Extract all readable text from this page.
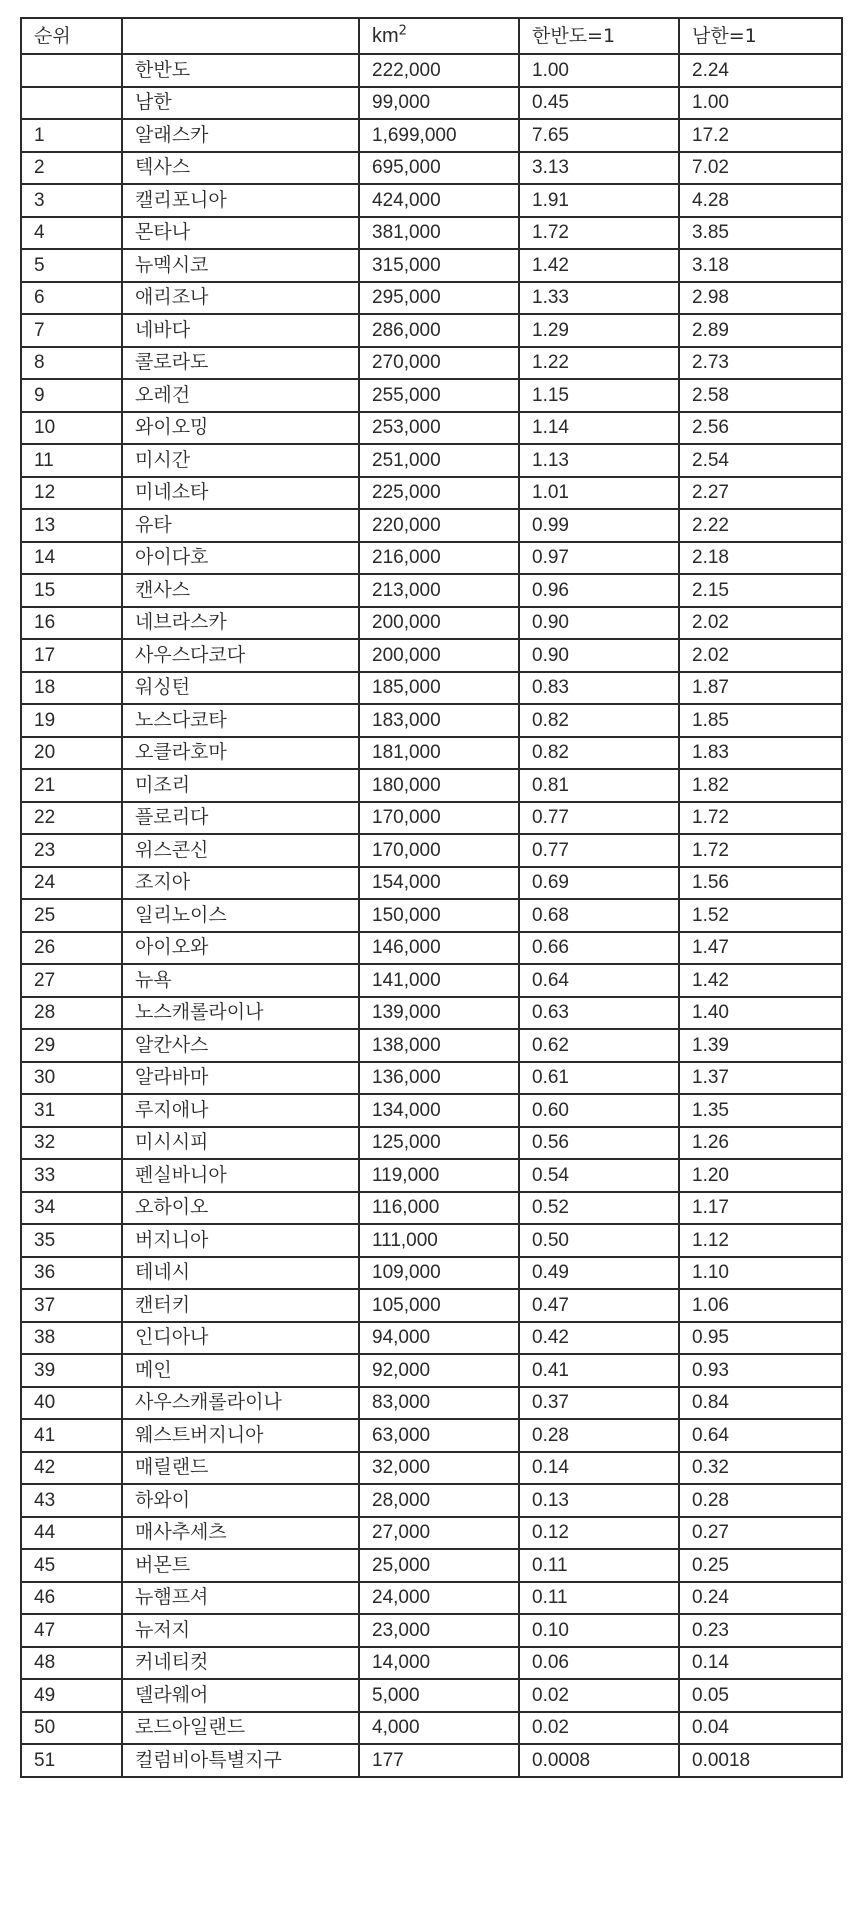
순위		$km^2$	한반도=1	남한=1
	한반도	222,000	1.00	2.24
	남한	99,000	0.45	1.00
1	알래스카	1,699,000	7.65	17.2
2	텍사스	695,000	3.13	7.02
3	캘리포니아	424,000	1.91	4.28
4	몬타나	381,000	1.72	3.85
5	뉴멕시코	315,000	1.42	3.18
6	애리조나	295,000	1.33	2.98
7	네바다	286,000	1.29	2.89
8	콜로라도	270,000	1.22	2.73
9	오레건	255,000	1.15	2.58
10	와이오밍	253,000	1.14	2.56
11	미시간	251,000	1.13	2.54
12	미네소타	225,000	1.01	2.27
13	유타	220,000	0.99	2.22
14	아이다호	216,000	0.97	2.18
15	캔사스	213,000	0.96	2.15
16	네브라스카	200,000	0.90	2.02
17	사우스다코다	200,000	0.90	2.02
18	워싱턴	185,000	0.83	1.87
19	노스다코타	183,000	0.82	1.85
20	오클라호마	181,000	0.82	1.83
21	미조리	180,000	0.81	1.82
22	플로리다	170,000	0.77	1.72
23	위스콘신	170,000	0.77	1.72
24	조지아	154,000	0.69	1.56
25	일리노이스	150,000	0.68	1.52
26	아이오와	146,000	0.66	1.47
27	뉴욕	141,000	0.64	1.42
28	노스캐롤라이나	139,000	0.63	1.40
29	알칸사스	138,000	0.62	1.39
30	알라바마	136,000	0.61	1.37
31	루지애나	134,000	0.60	1.35
32	미시시피	125,000	0.56	1.26
33	펜실바니아	119,000	0.54	1.20
34	오하이오	116,000	0.52	1.17
35	버지니아	111,000	0.50	1.12
36	테네시	109,000	0.49	1.10
37	캔터키	105,000	0.47	1.06
38	인디아나	94,000	0.42	0.95
39	메인	92,000	0.41	0.93
40	사우스캐롤라이나	83,000	0.37	0.84
41	웨스트버지니아	63,000	0.28	0.64
42	매릴랜드	32,000	0.14	0.32
43	하와이	28,000	0.13	0.28
44	매사추세츠	27,000	0.12	0.27
45	버몬트	25,000	0.11	0.25
46	뉴햄프셔	24,000	0.11	0.24
47	뉴저지	23,000	0.10	0.23
48	커네티컷	14,000	0.06	0.14
49	델라웨어	5,000	0.02	0.05
50	로드아일랜드	4,000	0.02	0.04
51	컬럼비아특별지구	177	0.0008	0.0018
